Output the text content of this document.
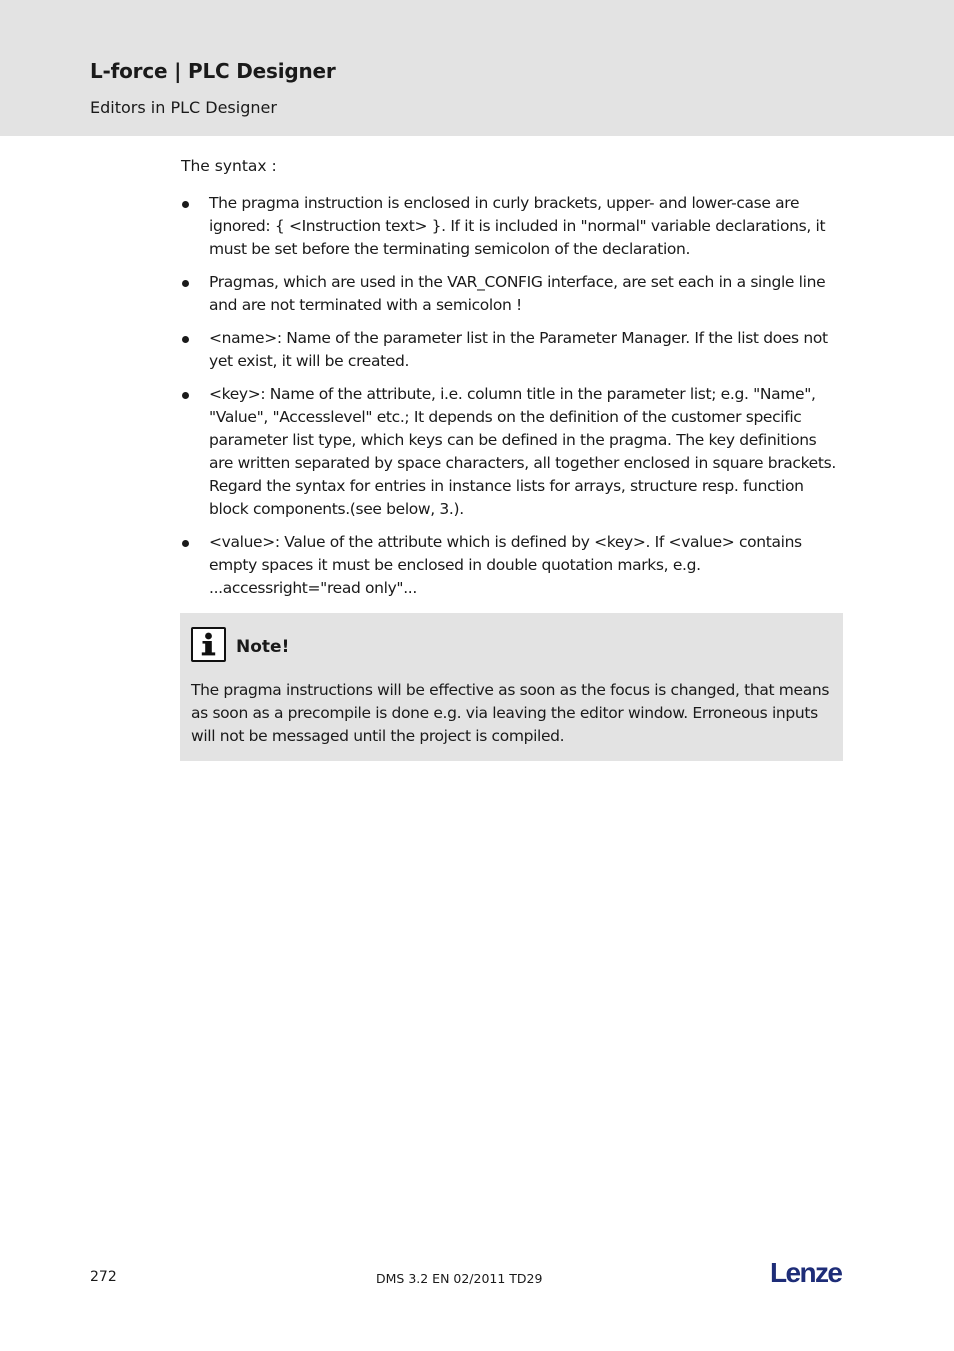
L-force | PLC Designer
Editors in PLC Designer

The syntax :

The pragma instruction is enclosed in curly brackets, upper- and lower-case are ignored: { <Instruction text> }. If it is included in "normal" variable declarations, it must be set before the terminating semicolon of the declaration.
Pragmas, which are used in the VAR_CONFIG interface, are set each in a single line and are not terminated with a semicolon !
<name>: Name of the parameter list in the Parameter Manager. If the list does not yet exist, it will be created.
<key>: Name of the attribute, i.e. column title in the parameter list; e.g. "Name", "Value", "Accesslevel" etc.; It depends on the definition of the customer specific parameter list type, which keys can be defined in the pragma. The key definitions are written separated by space characters, all together enclosed in square brackets. Regard the syntax for entries in instance lists for arrays, structure resp. function block components.(see below, 3.).
<value>: Value of the attribute which is defined by <key>. If <value> contains empty spaces it must be enclosed in double quotation marks, e.g. ...accessright="read only"...
Note!
The pragma instructions will be effective as soon as the focus is changed, that means as soon as a precompile is done e.g. via leaving the editor window. Erroneous inputs will not be messaged until the project is compiled.
272	DMS 3.2 EN 02/2011 TD29	Lenze
